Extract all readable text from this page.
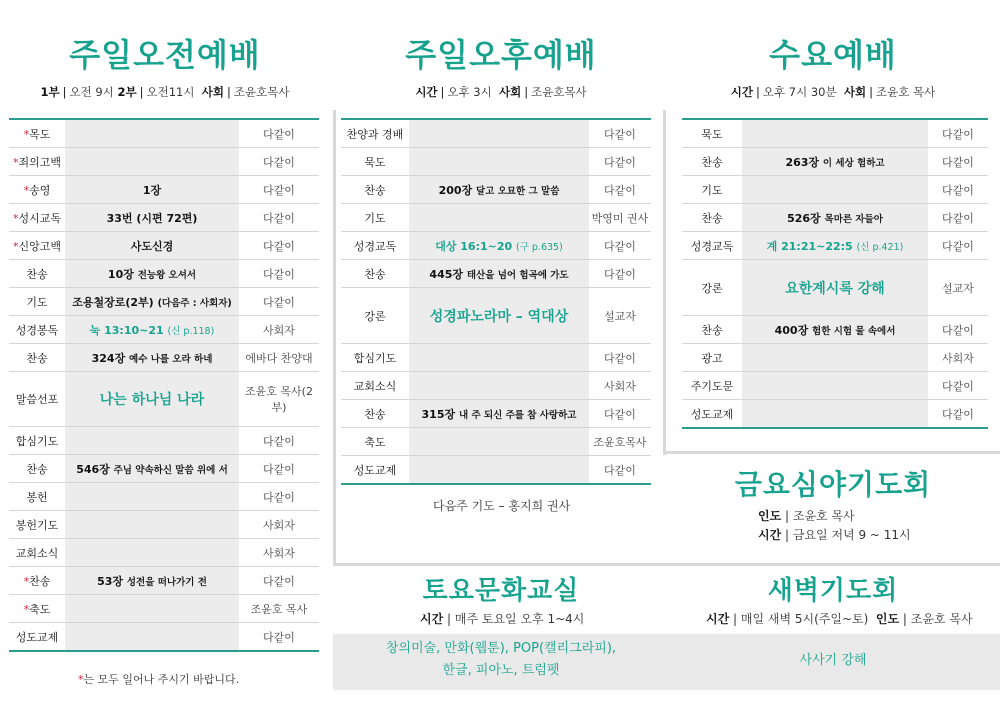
주일오전예배
1부 | 오전 9시 2부 | 오전11시 사회 | 조윤호목사
*목도		다같이
*죄의고백		다같이
*송영	1장	다같이
*성시교독	33번 (시편 72편)	다같이
*신앙고백	사도신경	다같이
찬송	10장 전능왕 오셔서	다같이
기도	조용철장로(2부) (다음주 : 사회자)	다같이
성경봉독	눅 13:10~21 (신 p.118)	사회자
찬송	324장 예수 나를 오라 하네	에바다 찬양대
말씀선포	나는 하나님 나라	조윤호 목사(2부)
합심기도		다같이
찬송	546장 주님 약속하신 말씀 위에 서	다같이
봉헌		다같이
봉헌기도		사회자
교회소식		사회자
*찬송	53장 성전을 떠나가기 전	다같이
*축도		조윤호 목사
성도교제		다같이
*는 모두 일어나 주시기 바랍니다.
주일오후예배
시간 | 오후 3시 사회 | 조윤호목사
찬양과 경배		다같이
묵도		다같이
찬송	200장 달고 오묘한 그 말씀	다같이
기도		박영미 권사
성경교독	대상 16:1~20 (구 p.635)	다같이
찬송	445장 태산을 넘어 험곡에 가도	다같이
강론	성경파노라마 – 역대상	설교자
합심기도		다같이
교회소식		사회자
찬송	315장 내 주 되신 주를 참 사랑하고	다같이
축도		조윤호목사
성도교제		다같이
다음주 기도 – 홍지희 권사
수요예배
시간 | 오후 7시 30분 사회 | 조윤호 목사
묵도		다같이
찬송	263장 이 세상 험하고	다같이
기도		다같이
찬송	526장 목마른 자들아	다같이
성경교독	계 21:21~22:5 (신 p.421)	다같이
강론	요한계시록 강해	설교자
찬송	400장 험한 시험 물 속에서	다같이
광고		사회자
주기도문		다같이
성도교제		다같이
금요심야기도회
인도 | 조윤호 목사
시간 | 금요일 저녁 9 ~ 11시
토요문화교실
시간 | 매주 토요일 오후 1~4시
새벽기도회
시간 | 매일 새벽 5시(주일~토) 인도 | 조윤호 목사
창의미술, 만화(웹툰), POP(캘리그라피),
한글, 피아노, 트럼펫
사사기 강해
